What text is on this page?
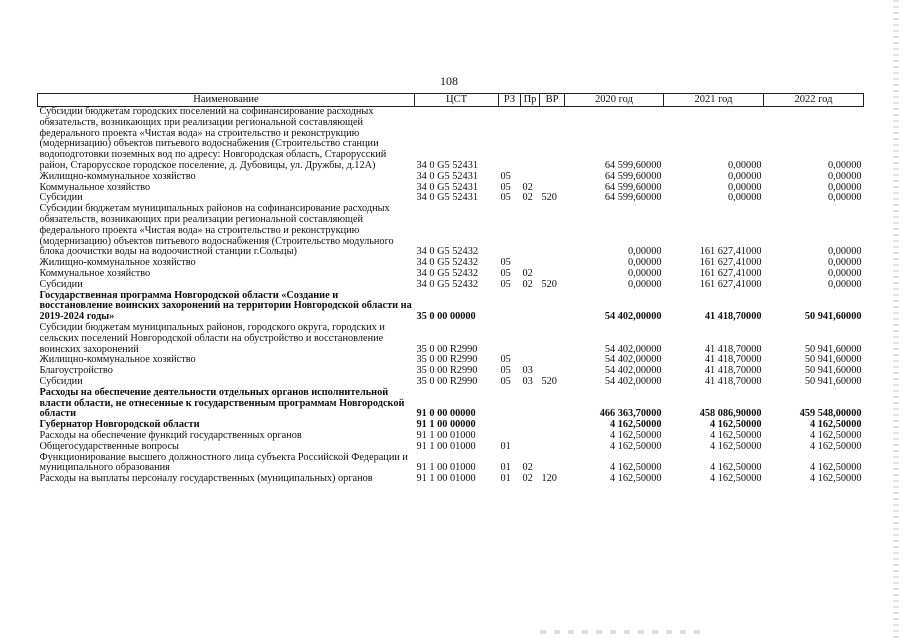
108
Наименование	ЦСТ	РЗ	Пр	ВР	2020 год	2021 год	2022 год
Субсидии бюджетам городских поселений на софинансирование расходных обязательств, возникающих при реализации региональной составляющей федерального проекта «Чистая вода» на строительство и реконструкцию (модернизацию) объектов питьевого водоснабжения (Строительство станции водоподготовки поземных вод по адресу: Новгородская область, Старорусский район, Старорусское городское поселение, д. Дубовицы, ул. Дружбы, д.12А)	34 0 G5 52431				64 599,60000	0,00000	0,00000
Жилищно-коммунальное хозяйство	34 0 G5 52431	05			64 599,60000	0,00000	0,00000
Коммунальное хозяйство	34 0 G5 52431	05	02		64 599,60000	0,00000	0,00000
Субсидии	34 0 G5 52431	05	02	520	64 599,60000	0,00000	0,00000
Субсидии бюджетам муниципальных районов на софинансирование расходных обязательств, возникающих при реализации региональной составляющей федерального проекта «Чистая вода» на строительство и реконструкцию (модернизацию) объектов питьевого водоснабжения (Строительство модульного блока доочистки воды на водоочистной станции г.Сольцы)	34 0 G5 52432				0,00000	161 627,41000	0,00000
Жилищно-коммунальное хозяйство	34 0 G5 52432	05			0,00000	161 627,41000	0,00000
Коммунальное хозяйство	34 0 G5 52432	05	02		0,00000	161 627,41000	0,00000
Субсидии	34 0 G5 52432	05	02	520	0,00000	161 627,41000	0,00000
Государственная программа Новгородской области «Создание и восстановление воинских захоронений на территории Новгородской области на 2019-2024 годы»	35 0 00 00000				54 402,00000	41 418,70000	50 941,60000
Субсидии бюджетам муниципальных районов, городского округа, городских и сельских поселений Новгородской области на обустройство и восстановление воинских захоронений	35 0 00 R2990				54 402,00000	41 418,70000	50 941,60000
Жилищно-коммунальное хозяйство	35 0 00 R2990	05			54 402,00000	41 418,70000	50 941,60000
Благоустройство	35 0 00 R2990	05	03		54 402,00000	41 418,70000	50 941,60000
Субсидии	35 0 00 R2990	05	03	520	54 402,00000	41 418,70000	50 941,60000
Расходы на обеспечение деятельности отдельных органов исполнительной власти области, не отнесенные к государственным программам Новгородской области	91 0 00 00000				466 363,70000	458 086,90000	459 548,00000
Губернатор Новгородской области	91 1 00 00000				4 162,50000	4 162,50000	4 162,50000
Расходы на обеспечение функций государственных органов	91 1 00 01000				4 162,50000	4 162,50000	4 162,50000
Общегосударственные вопросы	91 1 00 01000	01			4 162,50000	4 162,50000	4 162,50000
Функционирование высшего должностного лица субъекта Российской Федерации и муниципального образования	91 1 00 01000	01	02		4 162,50000	4 162,50000	4 162,50000
Расходы на выплаты персоналу государственных (муниципальных) органов	91 1 00 01000	01	02	120	4 162,50000	4 162,50000	4 162,50000
